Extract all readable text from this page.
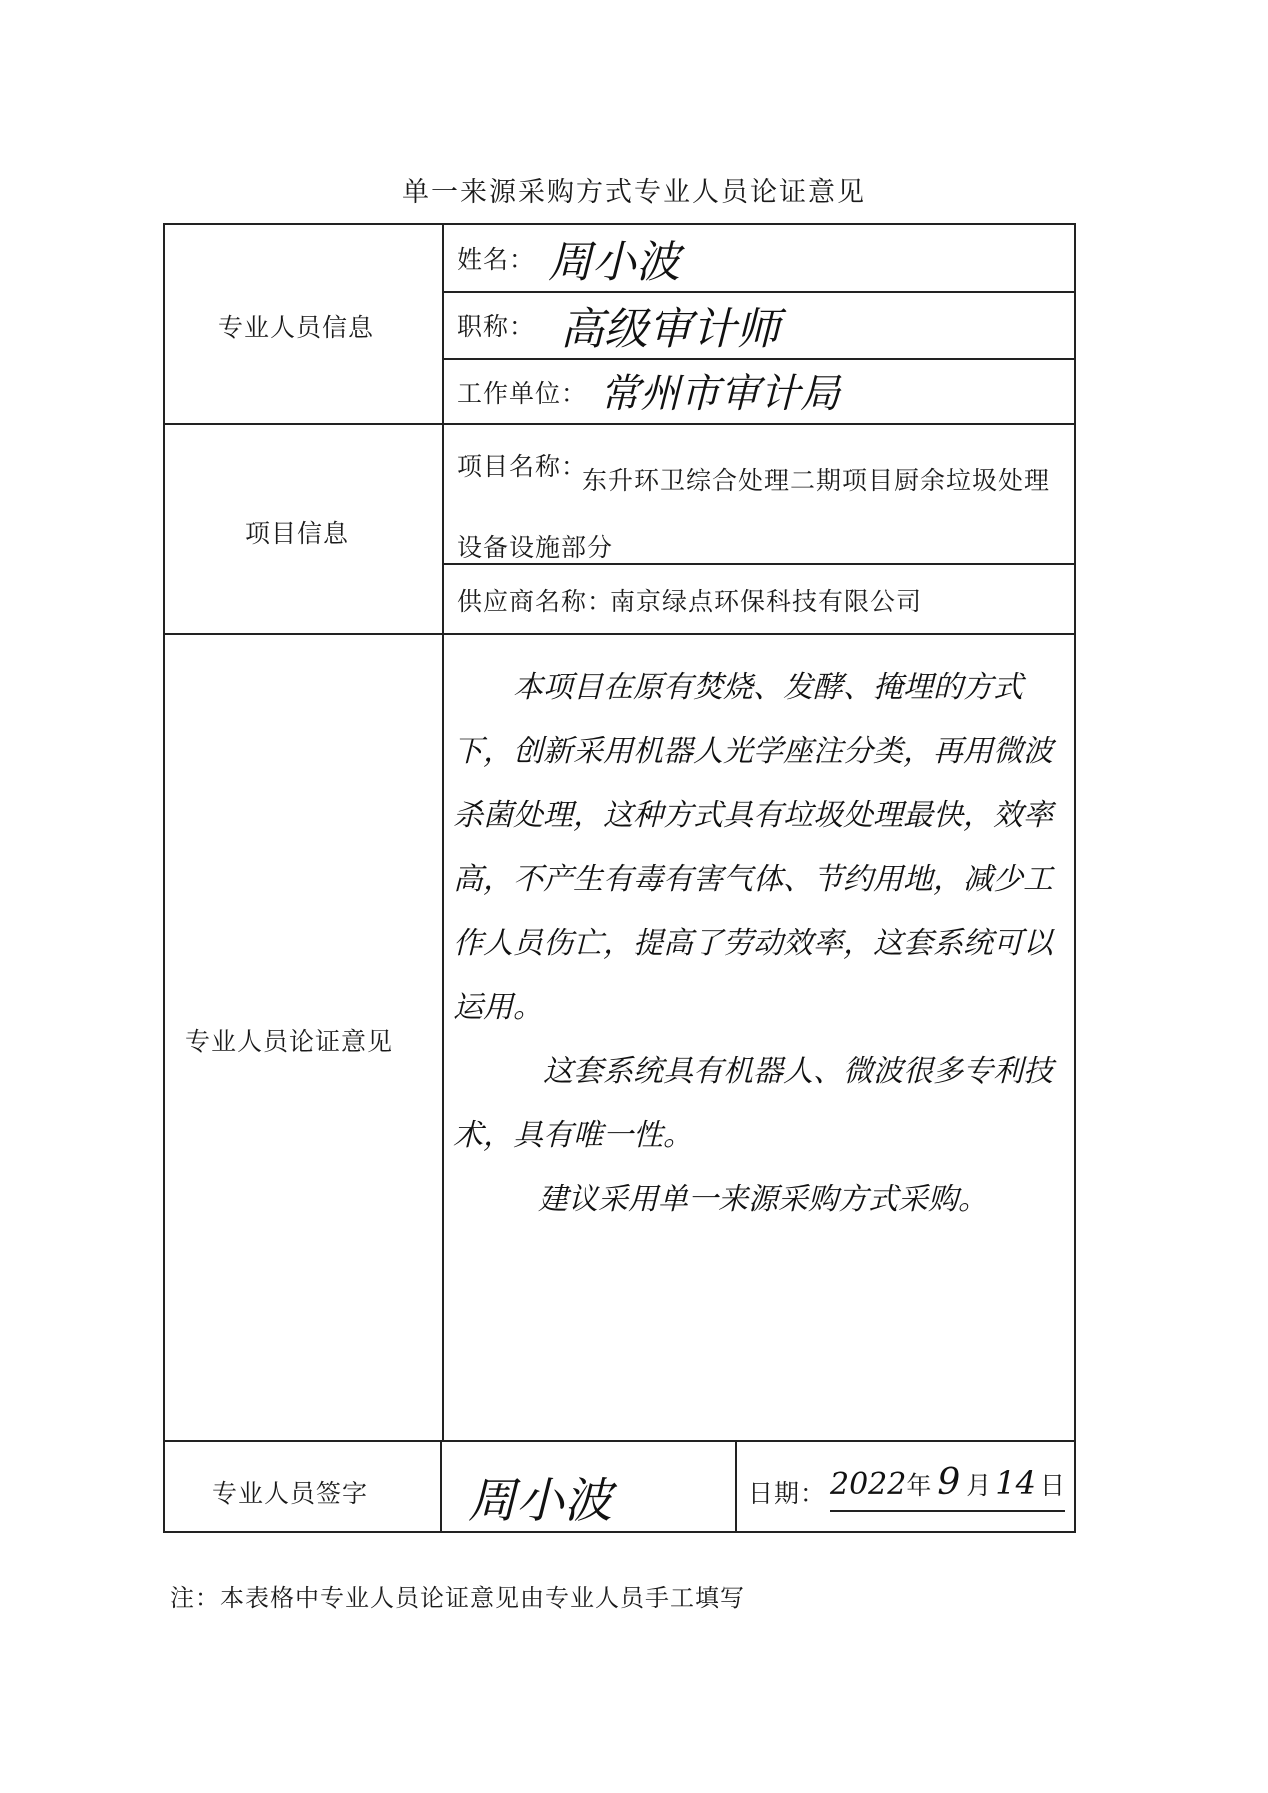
单一来源采购方式专业人员论证意见
专业人员信息
项目信息
专业人员论证意见
专业人员签字
姓名： 周小波
职称： 高级审计师
工作单位： 常州市审计局
项目名称：
东升环卫综合处理二期项目厨余垃圾处理设备设施部分
供应商名称：
南京绿点环保科技有限公司

本项目在原有焚烧、发酵、掩埋的方式下，创新采用机器人光学座注分类，再用微波杀菌处理，这种方式具有垃圾处理最快，效率高，不产生有毒有害气体、节约用地，减少工作人员伤亡，提高了劳动效率，这套系统可以运用。

这套系统具有机器人、微波很多专利技术，具有唯一性。

建议采用单一来源采购方式采购。

周小波	日期： 2022年 9 月 14 日
注：本表格中专业人员论证意见由专业人员手工填写
